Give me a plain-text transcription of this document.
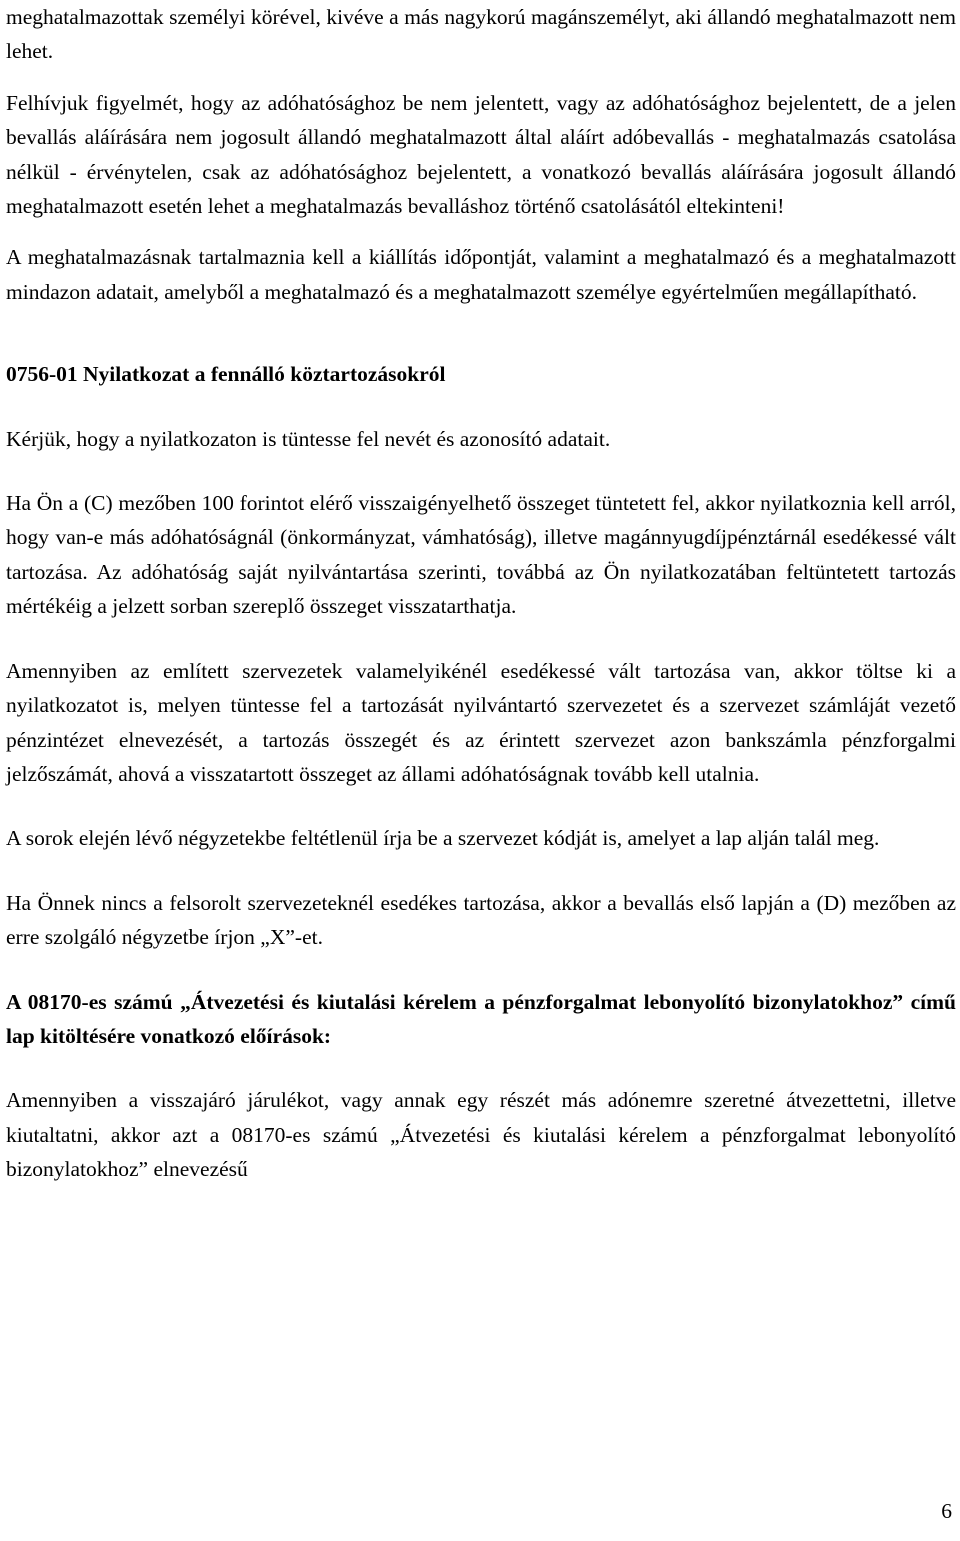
meghatalmazottak személyi körével, kivéve a más nagykorú magánszemélyt, aki állandó meghatalmazott nem lehet.

Felhívjuk figyelmét, hogy az adóhatósághoz be nem jelentett, vagy az adóhatósághoz bejelentett, de a jelen bevallás aláírására nem jogosult állandó meghatalmazott által aláírt adóbevallás - meghatalmazás csatolása nélkül - érvénytelen, csak az adóhatósághoz bejelentett, a vonatkozó bevallás aláírására jogosult állandó meghatalmazott esetén lehet a meghatalmazás bevalláshoz történő csatolásától eltekinteni!

A meghatalmazásnak tartalmaznia kell a kiállítás időpontját, valamint a meghatalmazó és a meghatalmazott mindazon adatait, amelyből a meghatalmazó és a meghatalmazott személye egyértelműen megállapítható.

0756-01 Nyilatkozat a fennálló köztartozásokról

Kérjük, hogy a nyilatkozaton is tüntesse fel nevét és azonosító adatait.

Ha Ön a (C) mezőben 100 forintot elérő visszaigényelhető összeget tüntetett fel, akkor nyilatkoznia kell arról, hogy van-e más adóhatóságnál (önkormányzat, vámhatóság), illetve magánnyugdíjpénztárnál esedékessé vált tartozása. Az adóhatóság saját nyilvántartása szerinti, továbbá az Ön nyilatkozatában feltüntetett tartozás mértékéig a jelzett sorban szereplő összeget visszatarthatja.

Amennyiben az említett szervezetek valamelyikénél esedékessé vált tartozása van, akkor töltse ki a nyilatkozatot is, melyen tüntesse fel a tartozását nyilvántartó szervezetet és a szervezet számláját vezető pénzintézet elnevezését, a tartozás összegét és az érintett szervezet azon bankszámla pénzforgalmi jelzőszámát, ahová a visszatartott összeget az állami adóhatóságnak tovább kell utalnia.

A sorok elején lévő négyzetekbe feltétlenül írja be a szervezet kódját is, amelyet a lap alján talál meg.

Ha Önnek nincs a felsorolt szervezeteknél esedékes tartozása, akkor a bevallás első lapján a (D) mezőben az erre szolgáló négyzetbe írjon „X”-et.

A 08170-es számú „Átvezetési és kiutalási kérelem a pénzforgalmat lebonyolító bizonylatokhoz” című lap kitöltésére vonatkozó előírások:

Amennyiben a visszajáró járulékot, vagy annak egy részét más adónemre szeretné átvezettetni, illetve kiutaltatni, akkor azt a 08170-es számú „Átvezetési és kiutalási kérelem a pénzforgalmat lebonyolító bizonylatokhoz” elnevezésű

6
